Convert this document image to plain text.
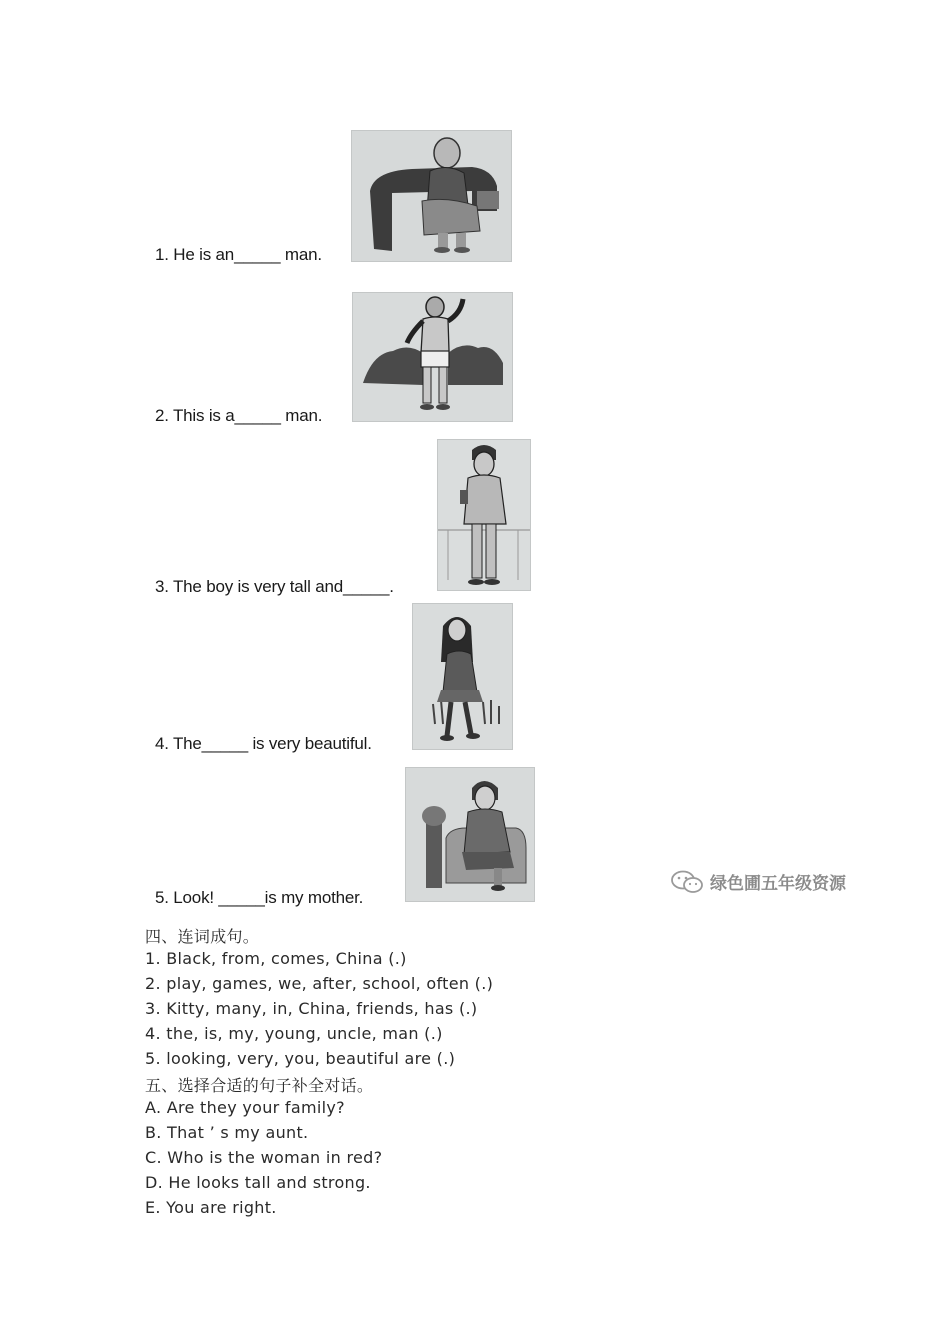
1. He is an_____ man.
2. This is a_____ man.
3. The boy is very tall and_____.
4. The_____ is very beautiful.
5. Look! _____is my mother.
绿色圃五年级资源
四、连词成句。
1. Black, from, comes, China (.)
2. play, games, we, after, school, often (.)
3. Kitty, many, in, China, friends, has (.)
4. the, is, my, young, uncle, man (.)
5. looking, very, you, beautiful are (.)
五、选择合适的句子补全对话。
A. Are they your family?
B. That ’ s my aunt.
C. Who is the woman in red?
D. He looks tall and strong.
E. You are right.
